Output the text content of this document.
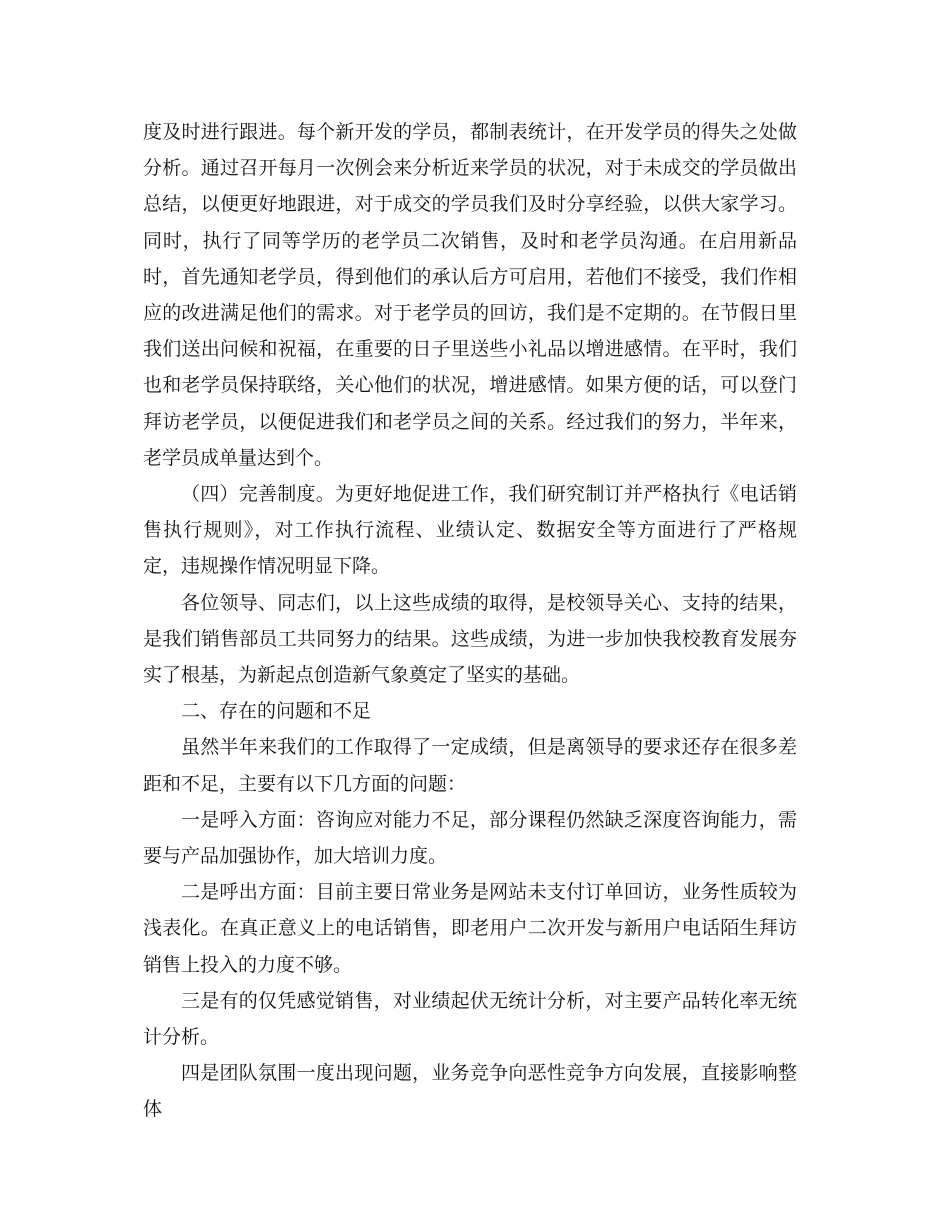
度及时进行跟进。每个新开发的学员，都制表统计，在开发学员的得失之处做分析。通过召开每月一次例会来分析近来学员的状况，对于未成交的学员做出总结，以便更好地跟进，对于成交的学员我们及时分享经验，以供大家学习。同时，执行了同等学历的老学员二次销售，及时和老学员沟通。在启用新品时，首先通知老学员，得到他们的承认后方可启用，若他们不接受，我们作相应的改进满足他们的需求。对于老学员的回访，我们是不定期的。在节假日里我们送出问候和祝福，在重要的日子里送些小礼品以增进感情。在平时，我们也和老学员保持联络，关心他们的状况，增进感情。如果方便的话，可以登门拜访老学员，以便促进我们和老学员之间的关系。经过我们的努力，半年来，老学员成单量达到个。

（四）完善制度。为更好地促进工作，我们研究制订并严格执行《电话销售执行规则》，对工作执行流程、业绩认定、数据安全等方面进行了严格规定，违规操作情况明显下降。

各位领导、同志们，以上这些成绩的取得，是校领导关心、支持的结果，是我们销售部员工共同努力的结果。这些成绩，为进一步加快我校教育发展夯实了根基，为新起点创造新气象奠定了坚实的基础。

二、存在的问题和不足

虽然半年来我们的工作取得了一定成绩，但是离领导的要求还存在很多差距和不足，主要有以下几方面的问题：

一是呼入方面：咨询应对能力不足，部分课程仍然缺乏深度咨询能力，需要与产品加强协作，加大培训力度。

二是呼出方面：目前主要日常业务是网站未支付订单回访，业务性质较为浅表化。在真正意义上的电话销售，即老用户二次开发与新用户电话陌生拜访销售上投入的力度不够。

三是有的仅凭感觉销售，对业绩起伏无统计分析，对主要产品转化率无统计分析。

四是团队氛围一度出现问题，业务竞争向恶性竞争方向发展，直接影响整体
